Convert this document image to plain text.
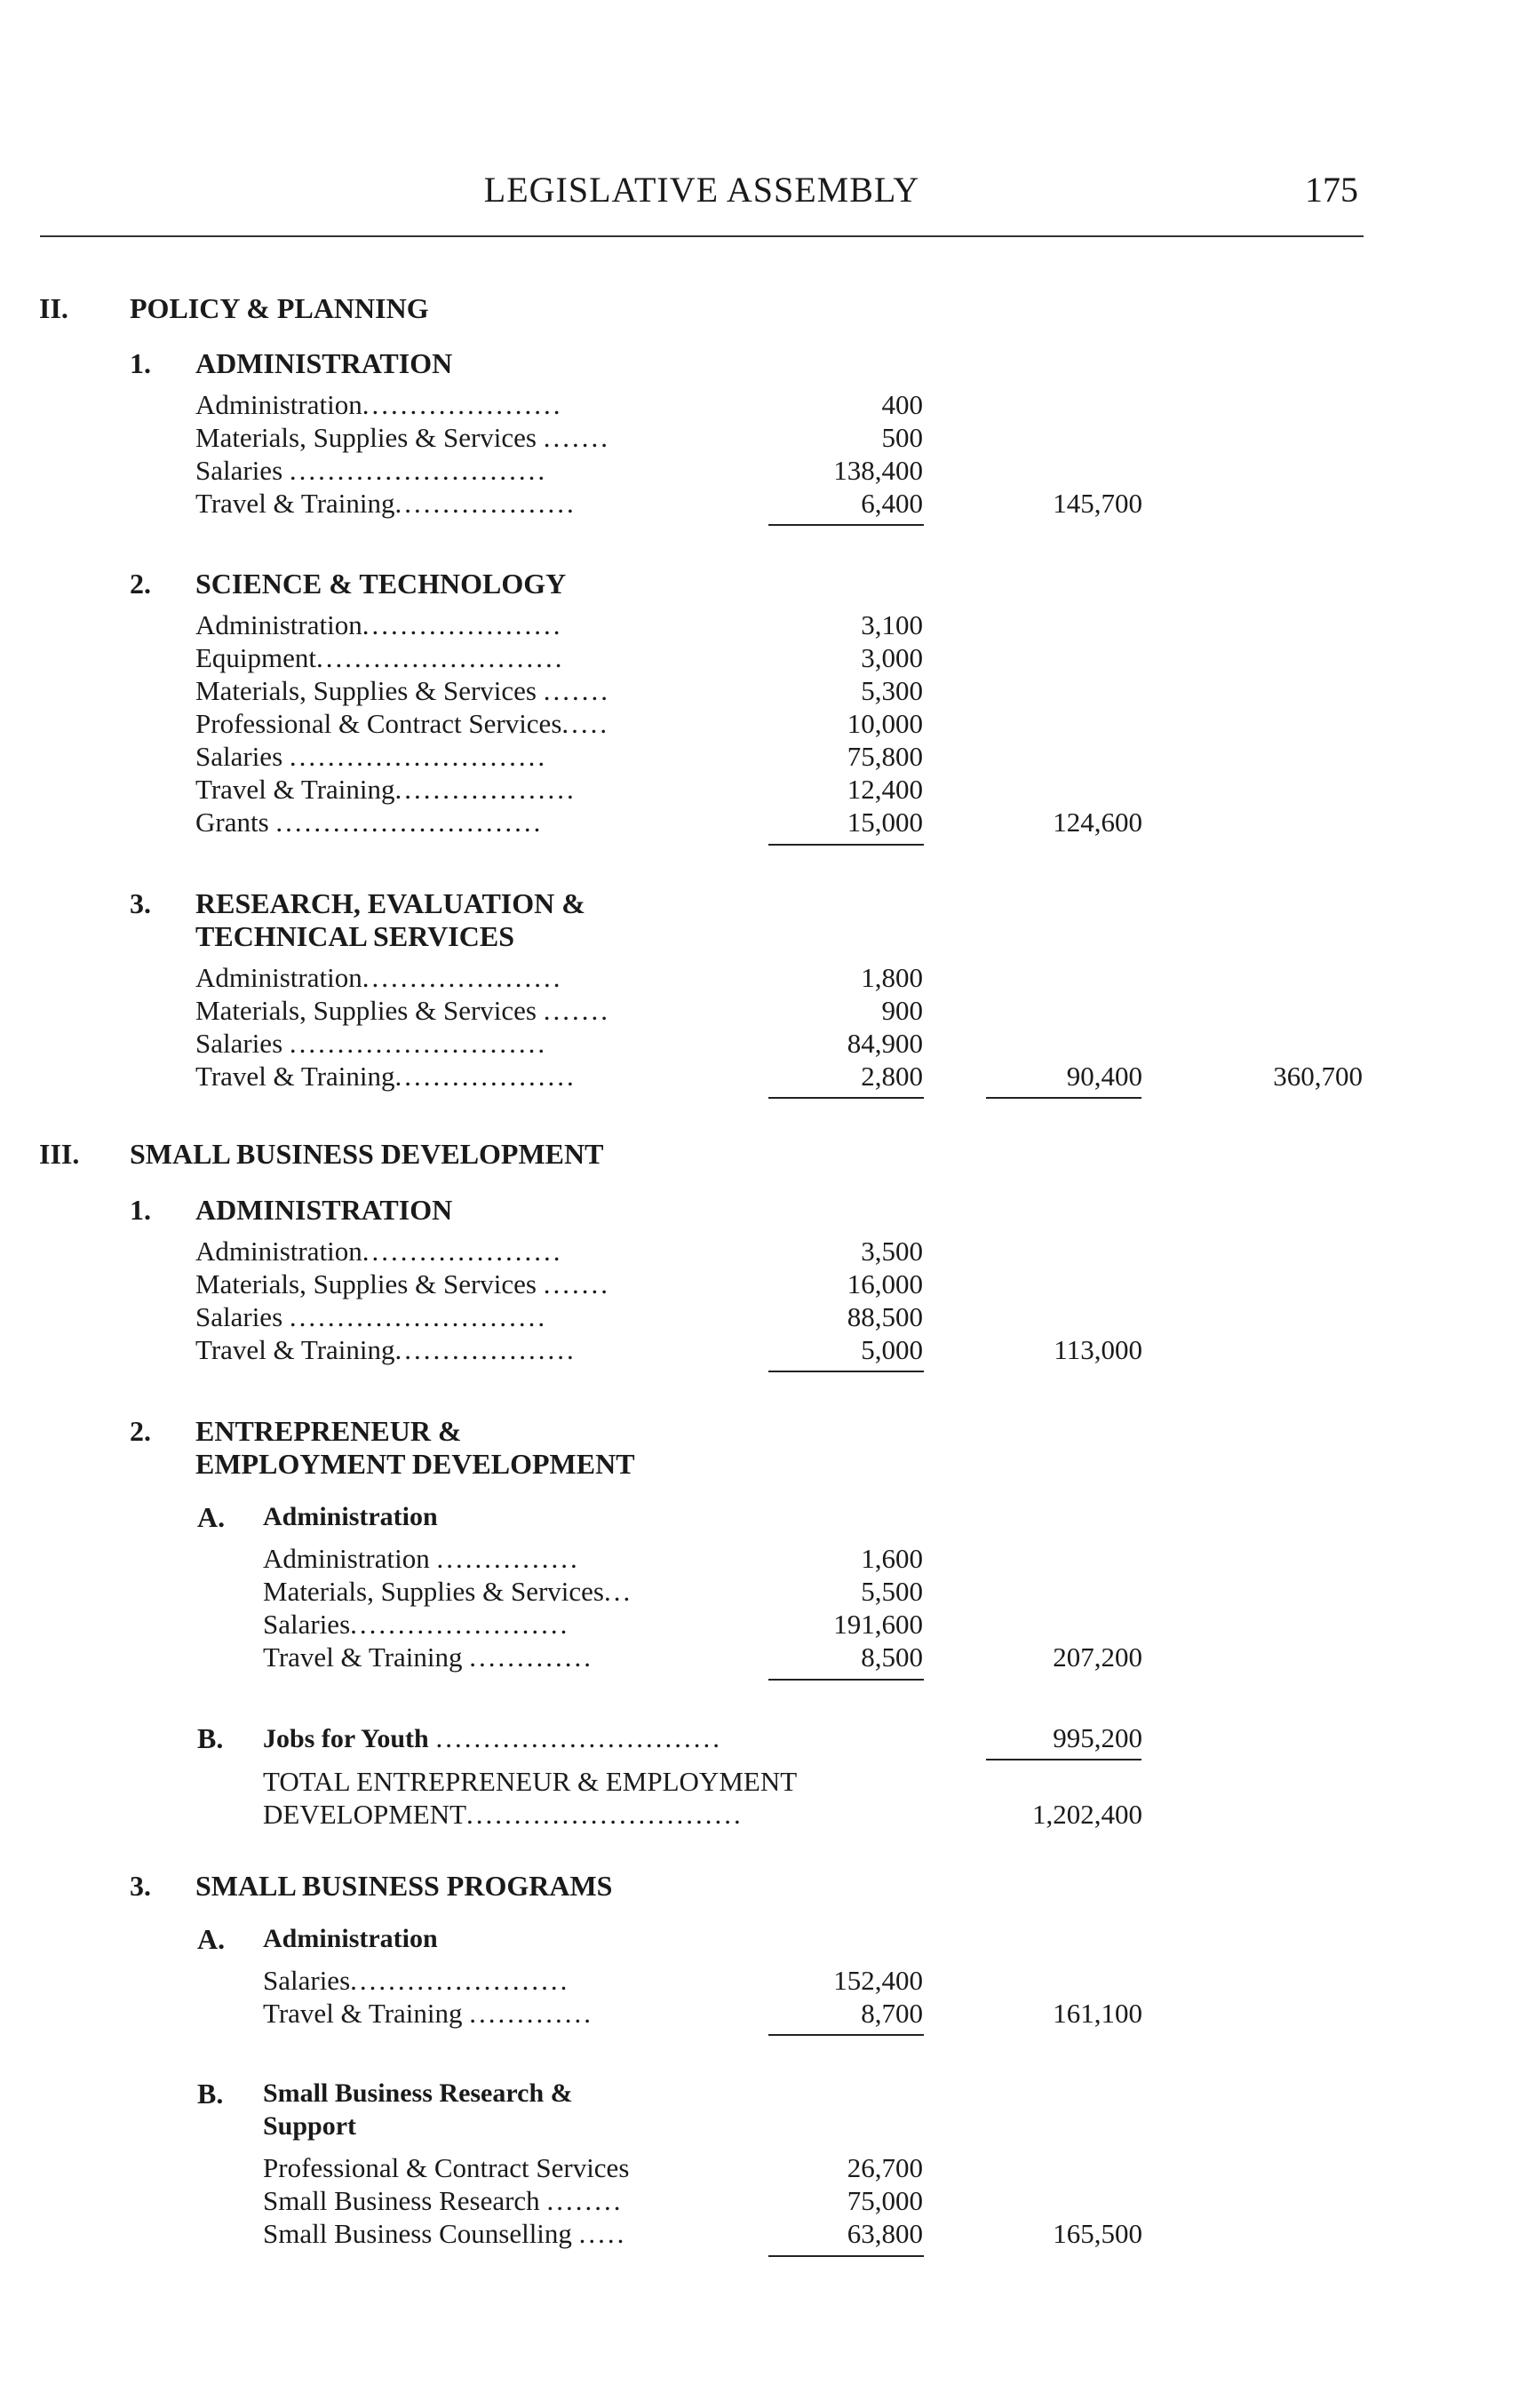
LEGISLATIVE ASSEMBLY	175
II. POLICY & PLANNING
1. ADMINISTRATION
Administration.....................	400
Materials, Supplies & Services .......	500
Salaries ...........................	138,400
Travel & Training...................	6,400	145,700
2. SCIENCE & TECHNOLOGY
Administration.....................	3,100
Equipment..........................	3,000
Materials, Supplies & Services .......	5,300
Professional & Contract Services.....	10,000
Salaries ...........................	75,800
Travel & Training...................	12,400
Grants ............................	15,000	124,600
3. RESEARCH, EVALUATION &
TECHNICAL SERVICES
Administration.....................	1,800
Materials, Supplies & Services .......	900
Salaries ...........................	84,900
Travel & Training...................	2,800	90,400	360,700
III. SMALL BUSINESS DEVELOPMENT
1. ADMINISTRATION
Administration.....................	3,500
Materials, Supplies & Services .......	16,000
Salaries ...........................	88,500
Travel & Training...................	5,000	113,000
2. ENTREPRENEUR &
EMPLOYMENT DEVELOPMENT
A. Administration
Administration ...............	1,600
Materials, Supplies & Services...	5,500
Salaries.......................	191,600
Travel & Training .............	8,500	207,200
B. Jobs for Youth ..............................	995,200
TOTAL ENTREPRENEUR & EMPLOYMENT
DEVELOPMENT.............................	1,202,400
3. SMALL BUSINESS PROGRAMS
A. Administration
Salaries.......................	152,400
Travel & Training .............	8,700	161,100
B. Small Business Research &
Support
Professional & Contract Services	26,700
Small Business Research ........	75,000
Small Business Counselling .....	63,800	165,500
